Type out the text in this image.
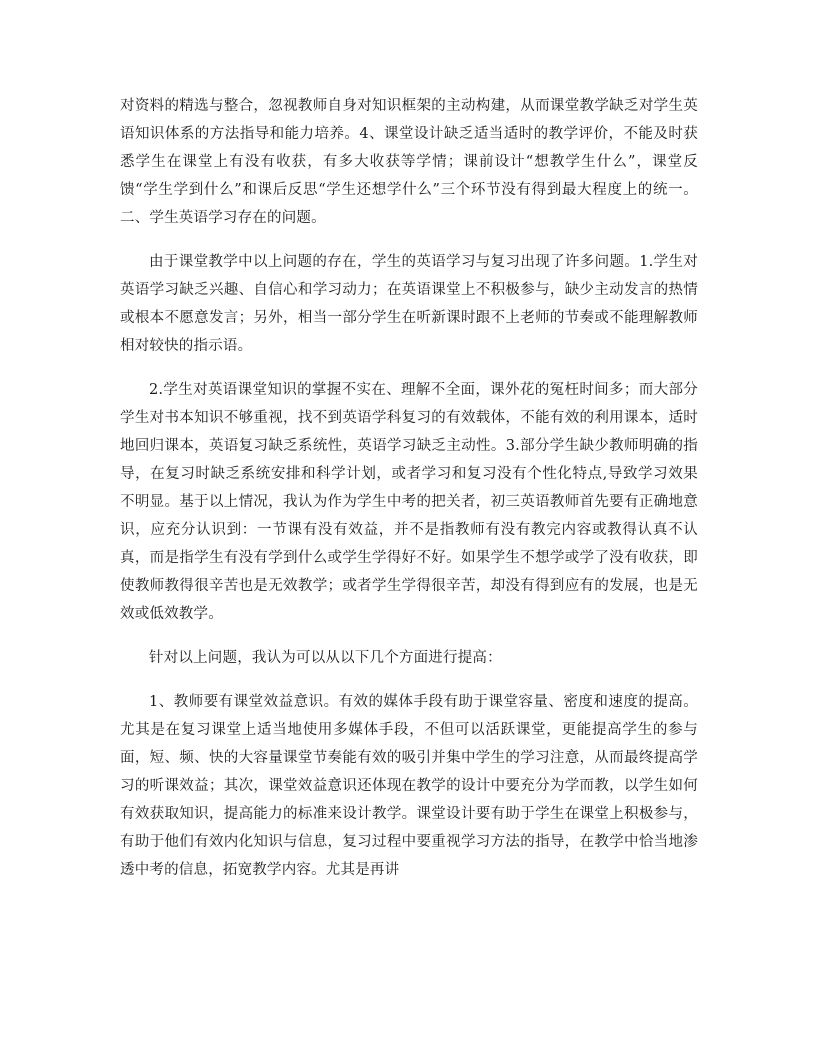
对资料的精选与整合，忽视教师自身对知识框架的主动构建，从而课堂教学缺乏对学生英语知识体系的方法指导和能力培养。4、课堂设计缺乏适当适时的教学评价，不能及时获悉学生在课堂上有没有收获，有多大收获等学情；课前设计“想教学生什么”，课堂反馈“学生学到什么”和课后反思“学生还想学什么”三个环节没有得到最大程度上的统一。二、学生英语学习存在的问题。

由于课堂教学中以上问题的存在，学生的英语学习与复习出现了许多问题。1.学生对英语学习缺乏兴趣、自信心和学习动力；在英语课堂上不积极参与，缺少主动发言的热情或根本不愿意发言；另外，相当一部分学生在听新课时跟不上老师的节奏或不能理解教师相对较快的指示语。

2.学生对英语课堂知识的掌握不实在、理解不全面，课外花的冤枉时间多；而大部分学生对书本知识不够重视，找不到英语学科复习的有效载体，不能有效的利用课本，适时地回归课本，英语复习缺乏系统性，英语学习缺乏主动性。3.部分学生缺少教师明确的指导，在复习时缺乏系统安排和科学计划，或者学习和复习没有个性化特点,导致学习效果不明显。基于以上情况，我认为作为学生中考的把关者，初三英语教师首先要有正确地意识，应充分认识到：一节课有没有效益，并不是指教师有没有教完内容或教得认真不认真，而是指学生有没有学到什么或学生学得好不好。如果学生不想学或学了没有收获，即使教师教得很辛苦也是无效教学；或者学生学得很辛苦，却没有得到应有的发展，也是无效或低效教学。

针对以上问题，我认为可以从以下几个方面进行提高：

1、教师要有课堂效益意识。有效的媒体手段有助于课堂容量、密度和速度的提高。尤其是在复习课堂上适当地使用多媒体手段，不但可以活跃课堂，更能提高学生的参与面，短、频、快的大容量课堂节奏能有效的吸引并集中学生的学习注意，从而最终提高学习的听课效益；其次，课堂效益意识还体现在教学的设计中要充分为学而教，以学生如何有效获取知识，提高能力的标准来设计教学。课堂设计要有助于学生在课堂上积极参与，有助于他们有效内化知识与信息，复习过程中要重视学习方法的指导，在教学中恰当地渗透中考的信息，拓宽教学内容。尤其是再讲
